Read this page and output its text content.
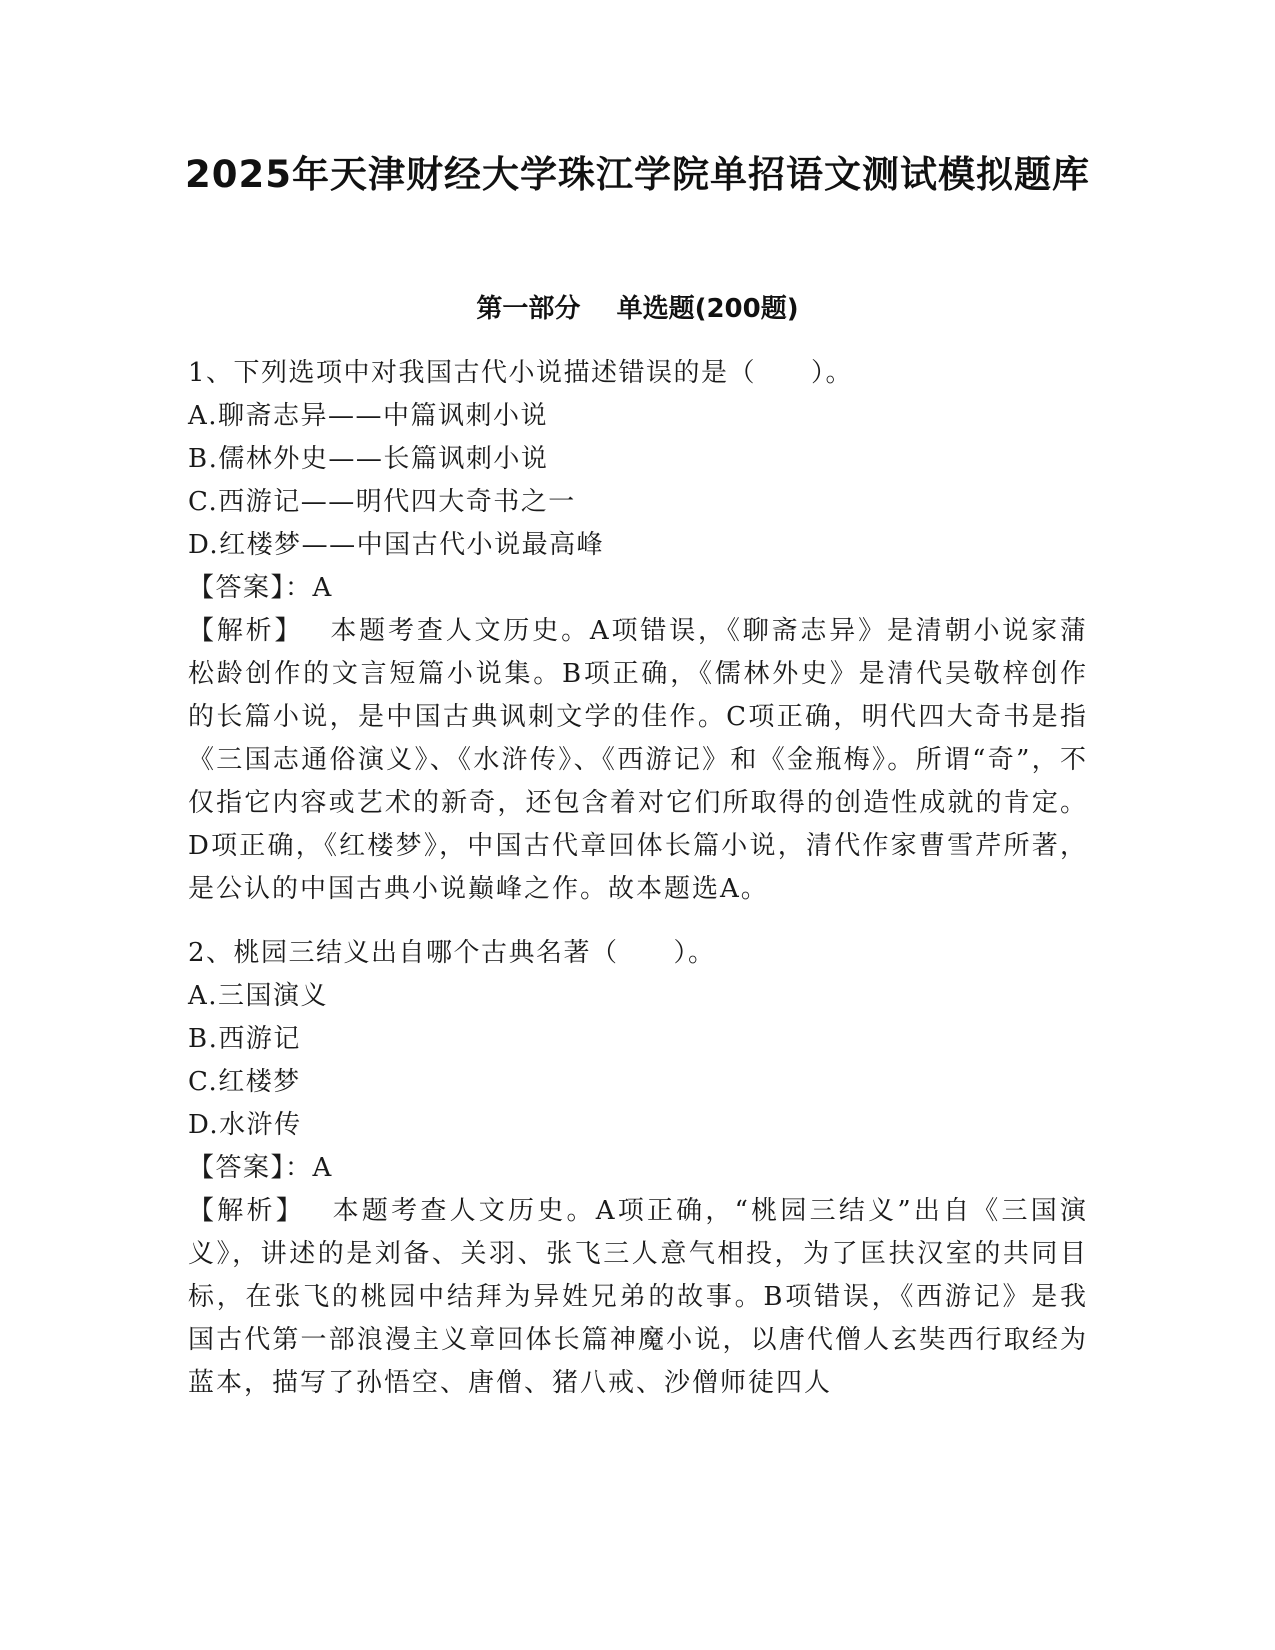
2025年天津财经大学珠江学院单招语文测试模拟题库
第一部分    单选题(200题)
1、下列选项中对我国古代小说描述错误的是（　　）。
A.聊斋志异——中篇讽刺小说
B.儒林外史——长篇讽刺小说
C.西游记——明代四大奇书之一
D.红楼梦——中国古代小说最高峰
【答案】：A
【解析】　 本题考查人文历史。A项错误，《聊斋志异》是清朝小说家蒲松龄创作的文言短篇小说集。B项正确，《儒林外史》是清代吴敬梓创作的长篇小说，是中国古典讽刺文学的佳作。C项正确，明代四大奇书是指《三国志通俗演义》、《水浒传》、《西游记》和《金瓶梅》。所谓“奇”，不仅指它内容或艺术的新奇，还包含着对它们所取得的创造性成就的肯定。D项正确，《红楼梦》，中国古代章回体长篇小说，清代作家曹雪芹所著，是公认的中国古典小说巅峰之作。故本题选A。
2、桃园三结义出自哪个古典名著（　　）。
A.三国演义
B.西游记
C.红楼梦
D.水浒传
【答案】：A
【解析】　 本题考查人文历史。A项正确，“桃园三结义”出自《三国演义》，讲述的是刘备、关羽、张飞三人意气相投，为了匡扶汉室的共同目标，在张飞的桃园中结拜为异姓兄弟的故事。B项错误，《西游记》是我国古代第一部浪漫主义章回体长篇神魔小说，以唐代僧人玄奘西行取经为蓝本，描写了孙悟空、唐僧、猪八戒、沙僧师徒四人
